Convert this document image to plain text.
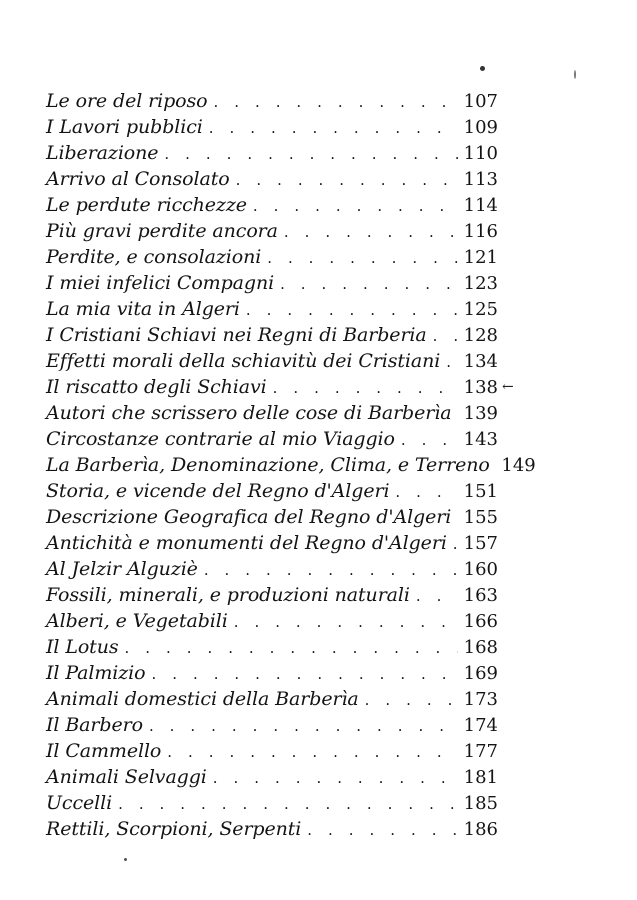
Le ore del riposo . . .	107
I Lavori pubblici . . .	109
Liberazione . . .	110
Arrivo al Consolato . . .	113
Le perdute ricchezze . . .	114
Più gravi perdite ancora . . .	116
Perdite, e consolazioni . . .	121
I miei infelici Compagni . . .	123
La mia vita in Algeri . . .	125
I Cristiani Schiavi nei Regni di Barberia . . .	128
Effetti morali della schiavitù dei Cristiani . . .	134
Il riscatto degli Schiavi . . .	138
Autori che scrissero delle cose di Barberìa . . . 139
Circostanze contrarie al mio Viaggio . . .	143
La Barberìa, Denominazione, Clima, e Terreno . . . 149
Storia, e vicende del Regno d'Algeri . . .	151
Descrizione Geografica del Regno d'Algeri . . . 155
Antichità e monumenti del Regno d'Algeri . . . 157
Al Jelzir Alguziè . . .	160
Fossili, minerali, e produzioni naturali . . .	163
Alberi, e Vegetabili . . .	166
Il Lotus . . .	168
Il Palmizio . . .	169
Animali domestici della Barberìa . . .	173
Il Barbero . . .	174
Il Cammello . . .	177
Animali Selvaggi . . .	181
Uccelli . . .	185
Rettili, Scorpioni, Serpenti . . .	186
←
